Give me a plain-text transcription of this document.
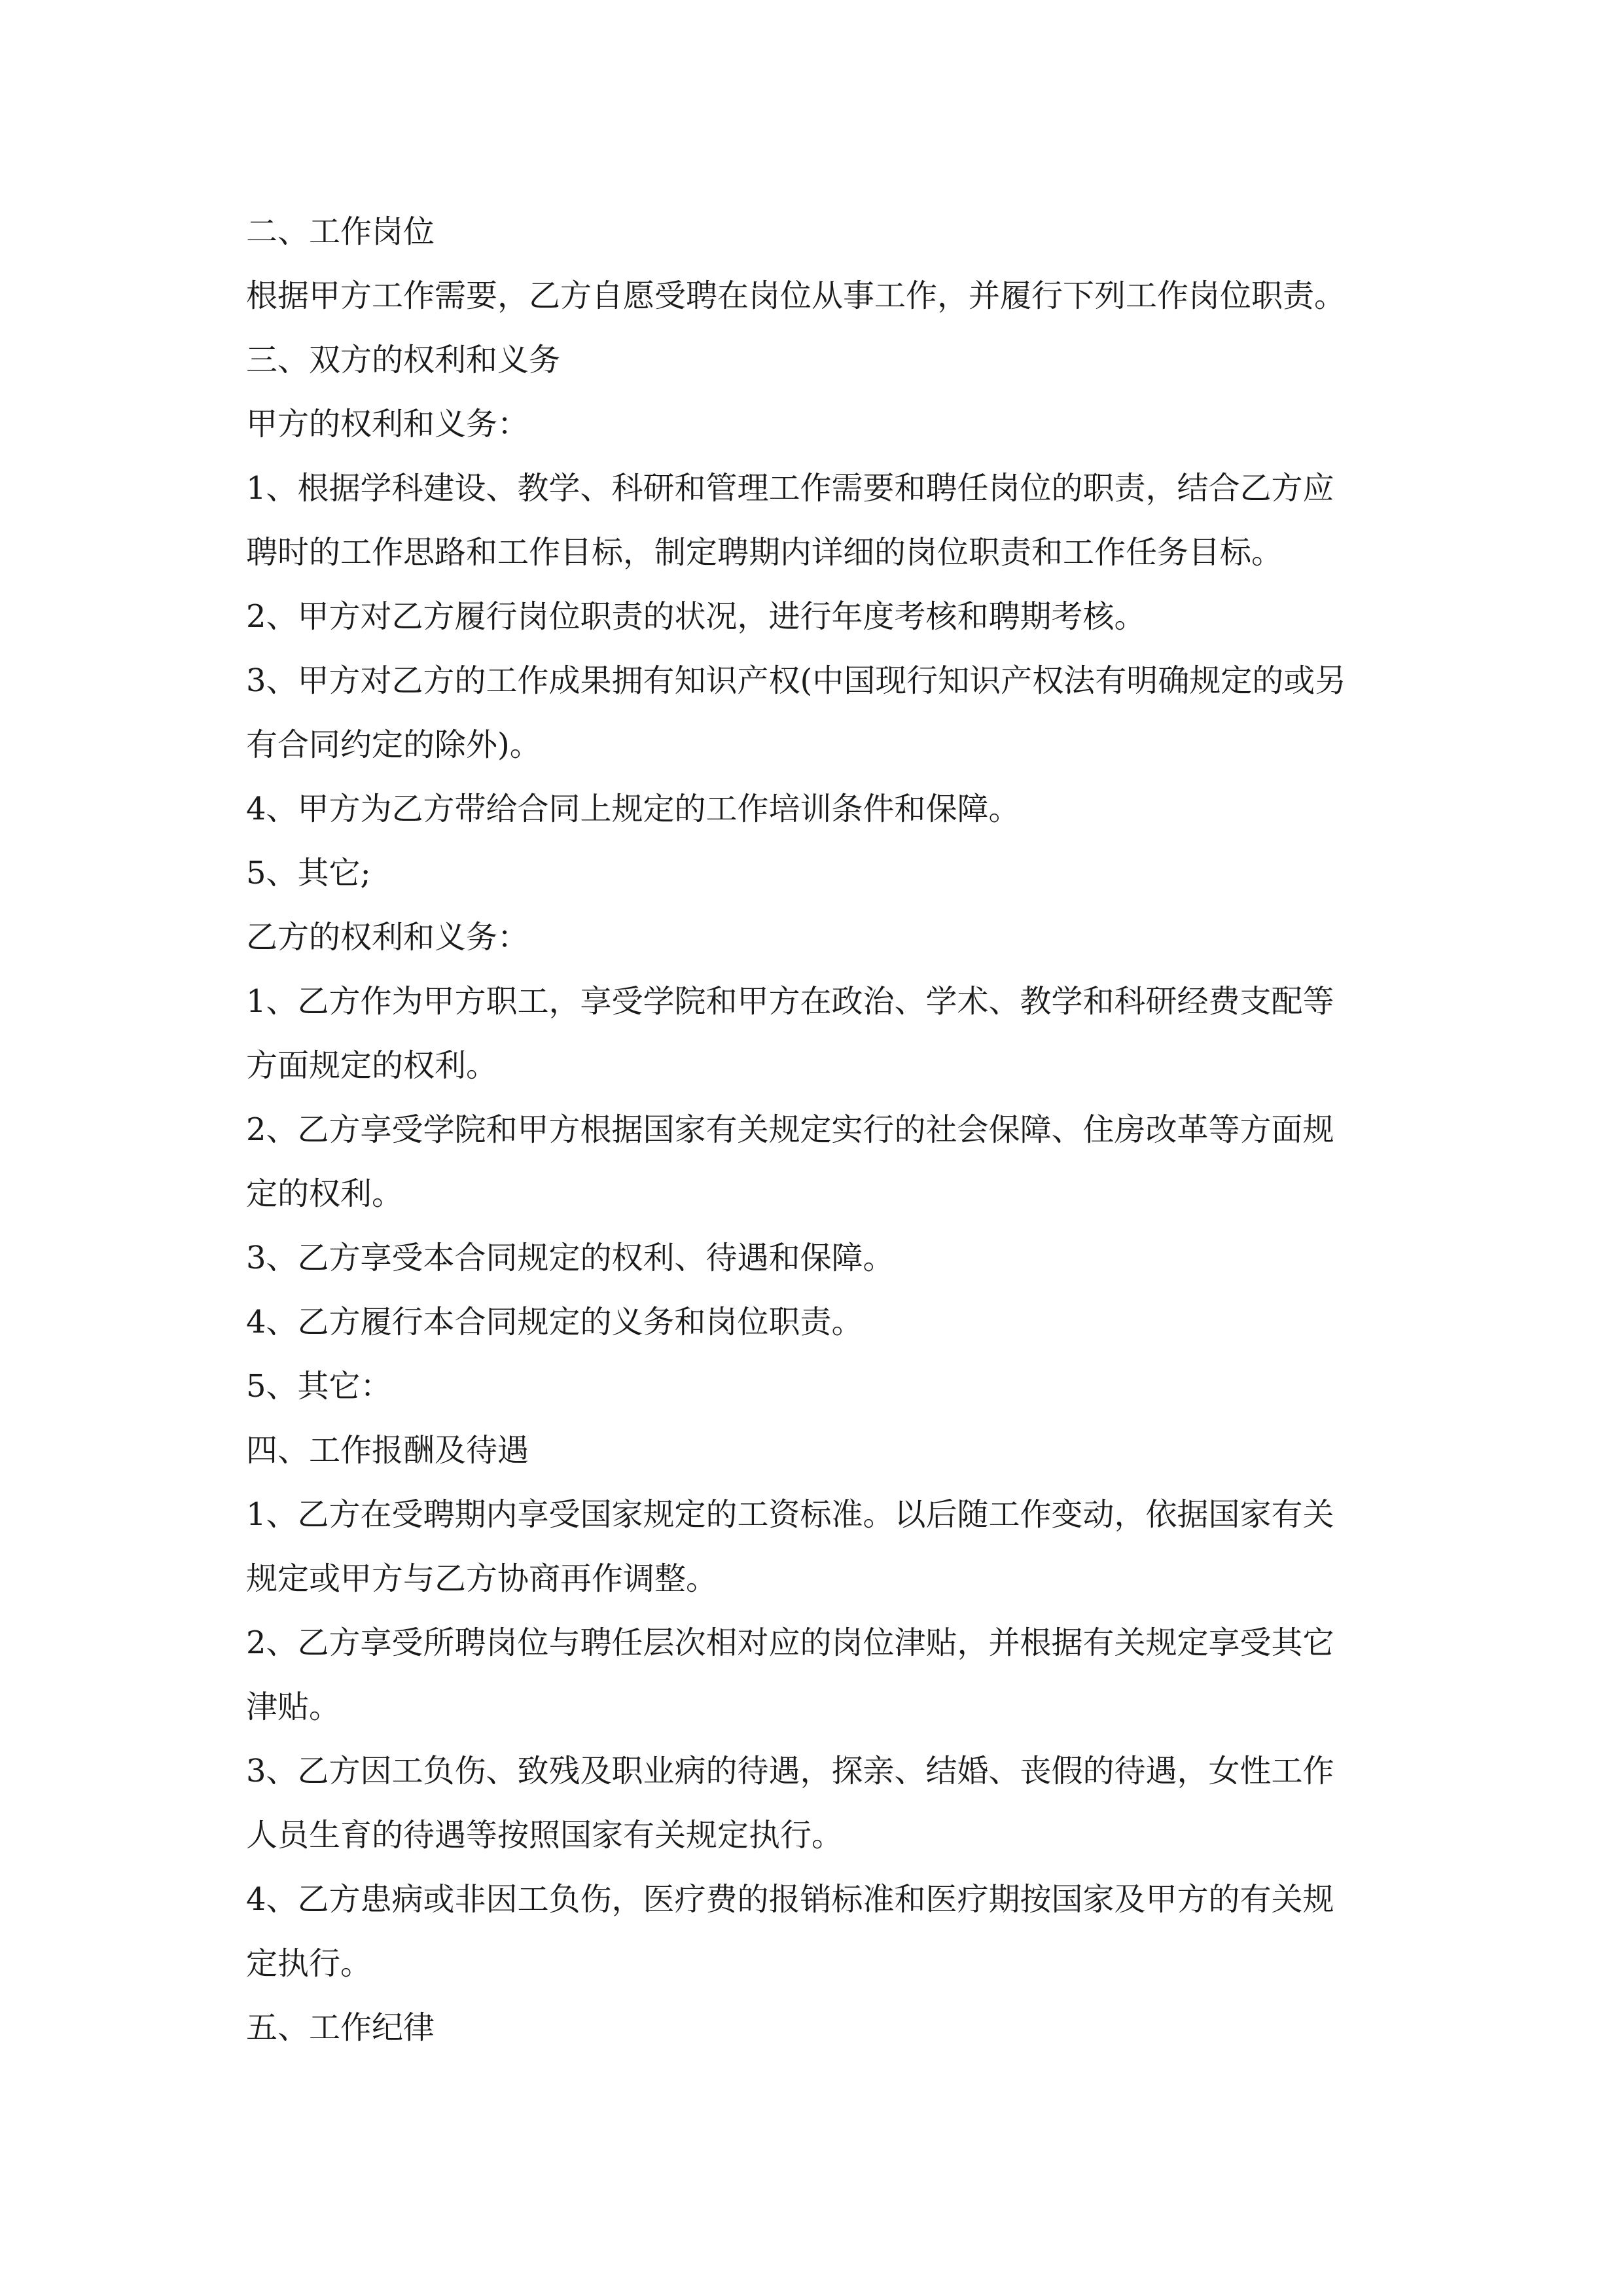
二、工作岗位

根据甲方工作需要，乙方自愿受聘在岗位从事工作，并履行下列工作岗位职责。

三、双方的权利和义务

甲方的权利和义务：

1、根据学科建设、教学、科研和管理工作需要和聘任岗位的职责，结合乙方应

聘时的工作思路和工作目标，制定聘期内详细的岗位职责和工作任务目标。

2、甲方对乙方履行岗位职责的状况，进行年度考核和聘期考核。

3、甲方对乙方的工作成果拥有知识产权(中国现行知识产权法有明确规定的或另

有合同约定的除外)。

4、甲方为乙方带给合同上规定的工作培训条件和保障。

5、其它;

乙方的权利和义务：

1、乙方作为甲方职工，享受学院和甲方在政治、学术、教学和科研经费支配等

方面规定的权利。

2、乙方享受学院和甲方根据国家有关规定实行的社会保障、住房改革等方面规

定的权利。

3、乙方享受本合同规定的权利、待遇和保障。

4、乙方履行本合同规定的义务和岗位职责。

5、其它：

四、工作报酬及待遇

1、乙方在受聘期内享受国家规定的工资标准。以后随工作变动，依据国家有关

规定或甲方与乙方协商再作调整。

2、乙方享受所聘岗位与聘任层次相对应的岗位津贴，并根据有关规定享受其它

津贴。

3、乙方因工负伤、致残及职业病的待遇，探亲、结婚、丧假的待遇，女性工作

人员生育的待遇等按照国家有关规定执行。

4、乙方患病或非因工负伤，医疗费的报销标准和医疗期按国家及甲方的有关规

定执行。

五、工作纪律
